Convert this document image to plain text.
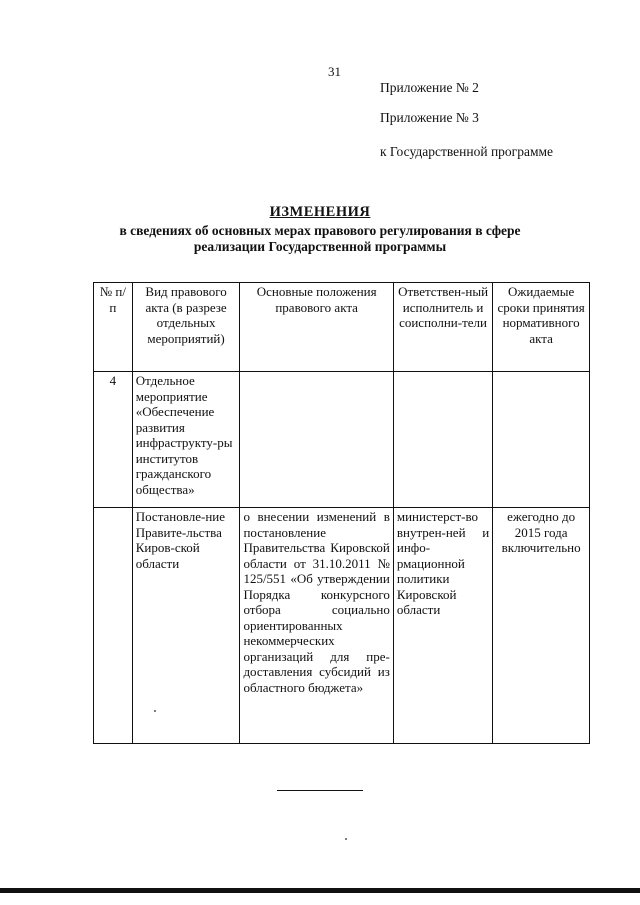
31
Приложение № 2
Приложение № 3
к Государственной программе
ИЗМЕНЕНИЯ
в сведениях об основных мерах правового регулирования в сфере реализации Государственной программы
№ п/п	Вид правового акта (в разрезе отдельных мероприятий)	Основные положения правового акта	Ответствен-ный исполнитель и соисполни-тели	Ожидаемые сроки принятия нормативного акта
4	Отдельное мероприятие «Обеспечение развития инфраструкту-ры институтов гражданского общества»			
	Постановле-ние Правите-льства Киров-ской области	о внесении изменений в постановление Правительства Кировской области от 31.10.2011 № 125/551 «Об утверждении Порядка конкурсного отбора социально ориентированных некоммерческих организаций для пре-доставления субсидий из областного бюджета»	министерст-во внутрен-ней и инфо-рмационной политики Кировской области	ежегодно до 2015 года включительно
